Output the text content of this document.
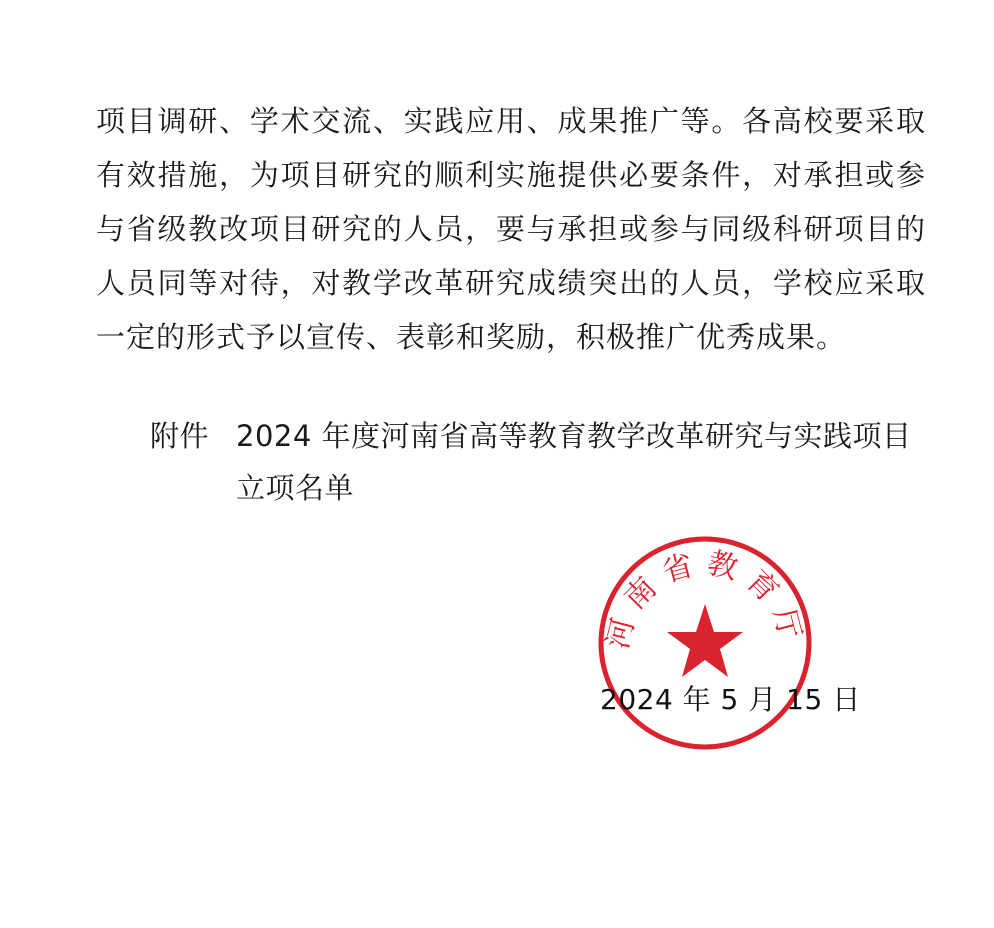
项目调研、学术交流、实践应用、成果推广等。各高校要采取有效措施，为项目研究的顺利实施提供必要条件，对承担或参与省级教改项目研究的人员，要与承担或参与同级科研项目的人员同等对待，对教学改革研究成绩突出的人员，学校应采取一定的形式予以宣传、表彰和奖励，积极推广优秀成果。

附件 2024 年度河南省高等教育教学改革研究与实践项目立项名单
河南省教育厅
2024 年 5 月 15 日
